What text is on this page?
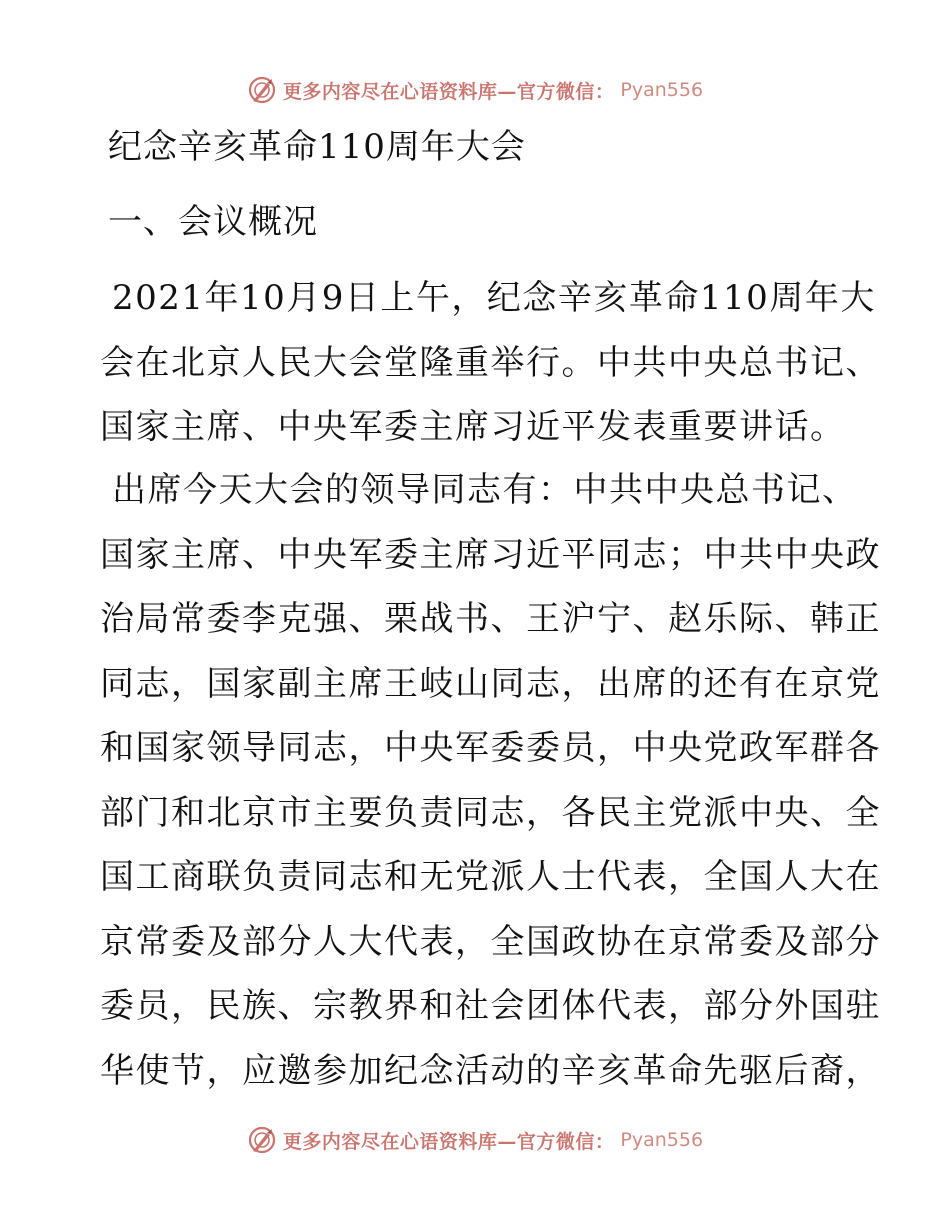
更多内容尽在心语资料库—官方微信： Pyan556
纪念辛亥革命110周年大会
一、会议概况

2021年10月9日上午，纪念辛亥革命110周年大
会在北京人民大会堂隆重举行。中共中央总书记、
国家主席、中央军委主席习近平发表重要讲话。

出席今天大会的领导同志有：中共中央总书记、
国家主席、中央军委主席习近平同志；中共中央政
治局常委李克强、栗战书、王沪宁、赵乐际、韩正
同志，国家副主席王岐山同志，出席的还有在京党
和国家领导同志，中央军委委员，中央党政军群各
部门和北京市主要负责同志，各民主党派中央、全
国工商联负责同志和无党派人士代表，全国人大在
京常委及部分人大代表，全国政协在京常委及部分
委员，民族、宗教界和社会团体代表，部分外国驻
华使节，应邀参加纪念活动的辛亥革命先驱后裔，

更多内容尽在心语资料库—官方微信： Pyan556
